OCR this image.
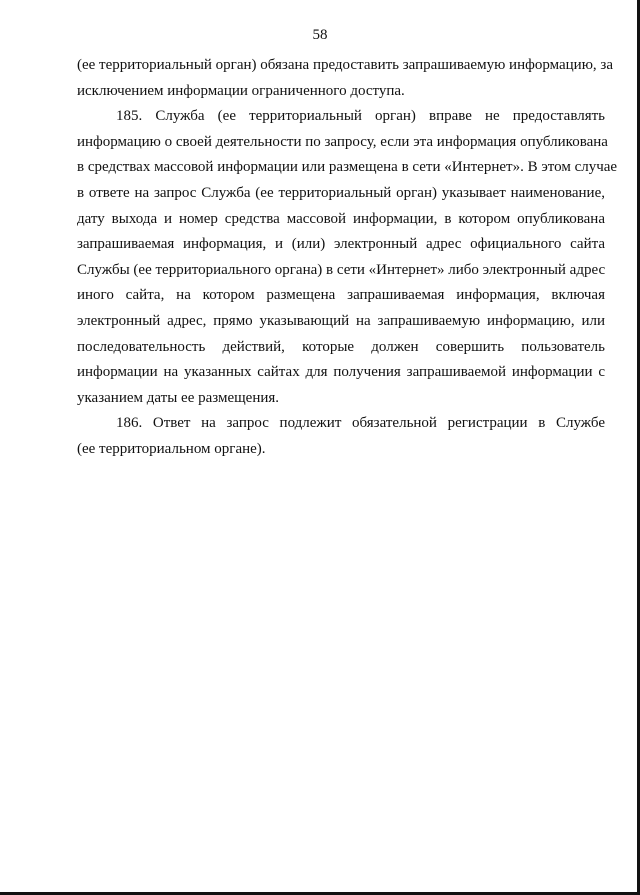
58
(ее территориальный орган) обязана предоставить запрашиваемую информацию, за
исключением информации ограниченного доступа.
185. Служба (ее территориальный орган) вправе не предоставлять
информацию о своей деятельности по запросу, если эта информация опубликована
в средствах массовой информации или размещена в сети «Интернет». В этом случае
в ответе на запрос Служба (ее территориальный орган) указывает наименование,
дату выхода и номер средства массовой информации, в котором опубликована
запрашиваемая информация, и (или) электронный адрес официального сайта
Службы (ее территориального органа) в сети «Интернет» либо электронный адрес
иного сайта, на котором размещена запрашиваемая информация, включая
электронный адрес, прямо указывающий на запрашиваемую информацию, или
последовательность действий, которые должен совершить пользователь
информации на указанных сайтах для получения запрашиваемой информации с
указанием даты ее размещения.
186. Ответ на запрос подлежит обязательной регистрации в Службе
(ее территориальном органе).
